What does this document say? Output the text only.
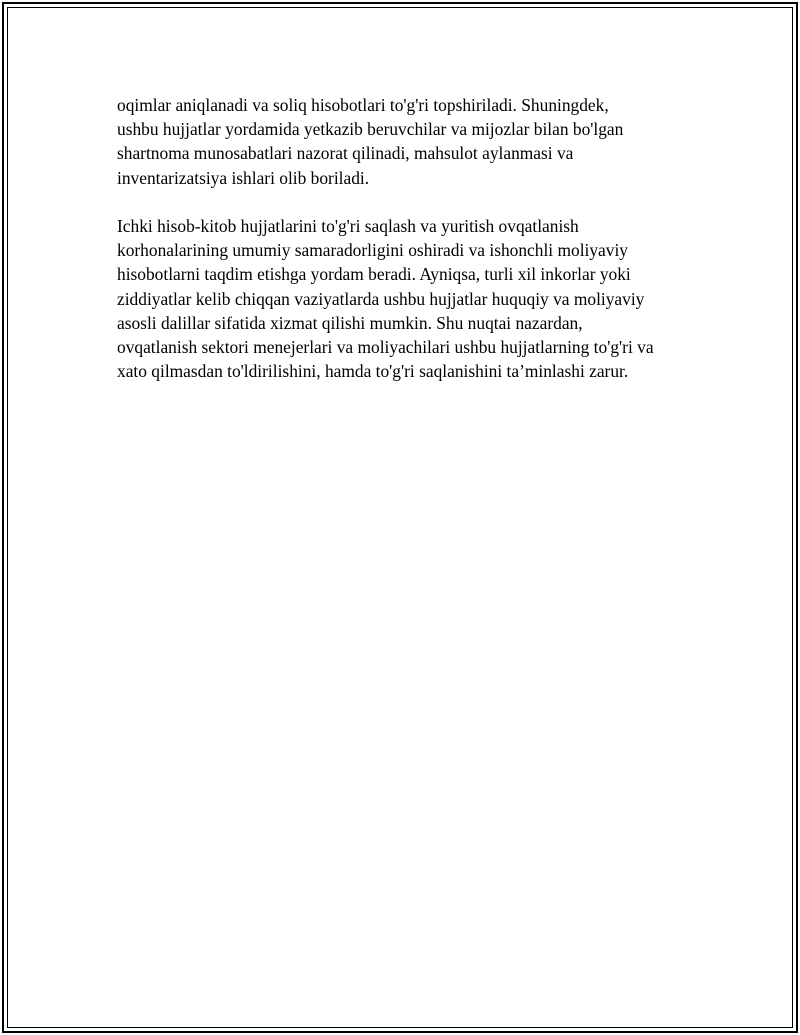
oqimlar aniqlanadi va soliq hisobotlari to'g'ri topshiriladi. Shuningdek,
ushbu hujjatlar yordamida yetkazib beruvchilar va mijozlar bilan bo'lgan
shartnoma munosabatlari nazorat qilinadi, mahsulot aylanmasi va
inventarizatsiya ishlari olib boriladi.

Ichki hisob-kitob hujjatlarini to'g'ri saqlash va yuritish ovqatlanish
korhonalarining umumiy samaradorligini oshiradi va ishonchli moliyaviy
hisobotlarni taqdim etishga yordam beradi. Ayniqsa, turli xil inkorlar yoki
ziddiyatlar kelib chiqqan vaziyatlarda ushbu hujjatlar huquqiy va moliyaviy
asosli dalillar sifatida xizmat qilishi mumkin. Shu nuqtai nazardan,
ovqatlanish sektori menejerlari va moliyachilari ushbu hujjatlarning to'g'ri va
xato qilmasdan to'ldirilishini, hamda to'g'ri saqlanishini ta’minlashi zarur.
